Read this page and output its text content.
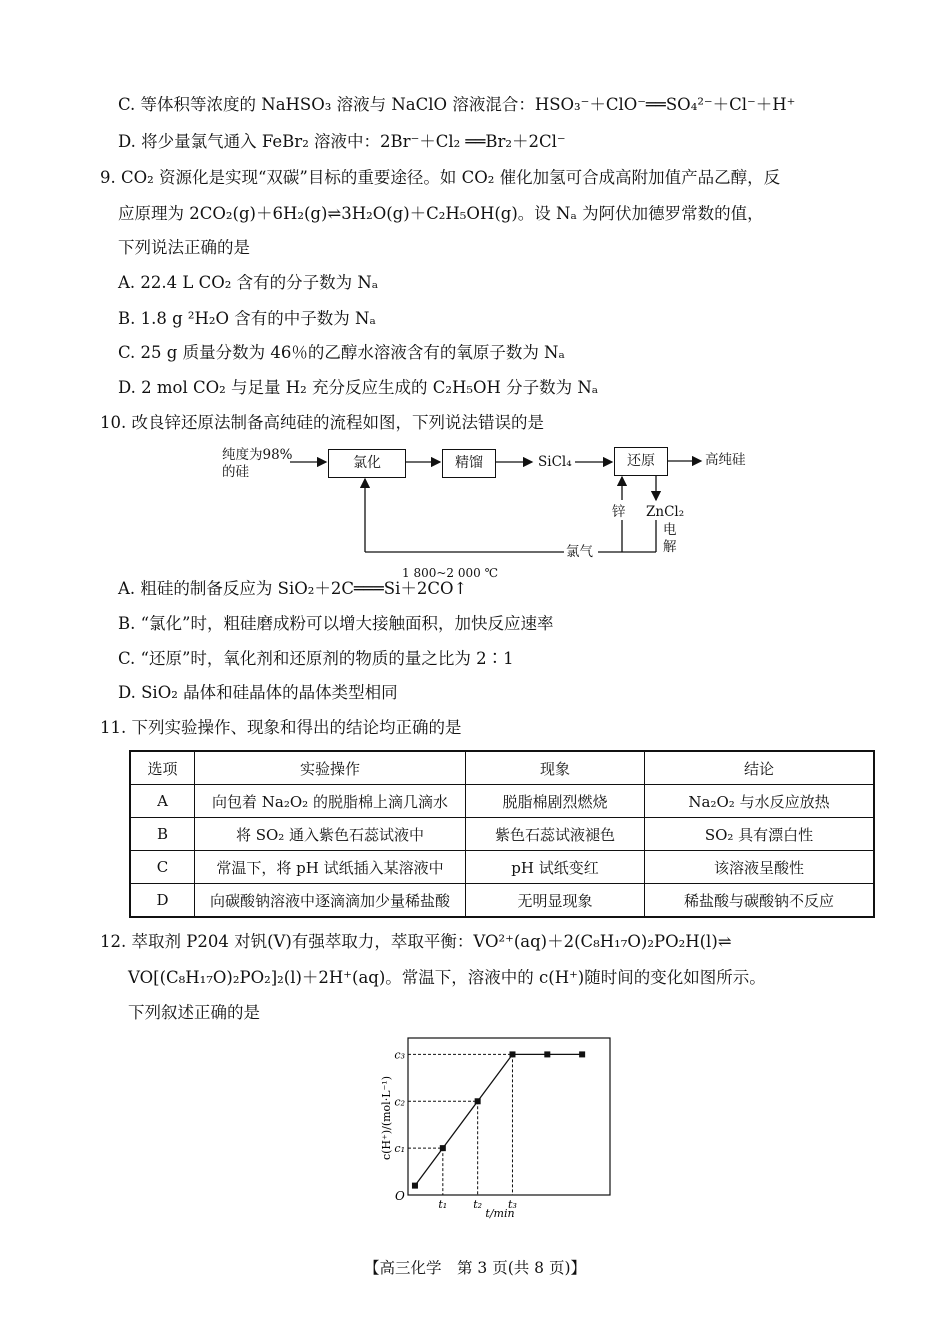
C. 等体积等浓度的 NaHSO₃ 溶液与 NaClO 溶液混合：HSO₃⁻＋ClO⁻══SO₄²⁻＋Cl⁻＋H⁺
D. 将少量氯气通入 FeBr₂ 溶液中：2Br⁻＋Cl₂ ══Br₂＋2Cl⁻
9. CO₂ 资源化是实现“双碳”目标的重要途径。如 CO₂ 催化加氢可合成高附加值产品乙醇，反
应原理为 2CO₂(g)＋6H₂(g)⇌3H₂O(g)＋C₂H₅OH(g)。设 Nₐ 为阿伏加德罗常数的值，
下列说法正确的是
A. 22.4 L CO₂ 含有的分子数为 Nₐ
B. 1.8 g ²H₂O 含有的中子数为 Nₐ
C. 25 g 质量分数为 46％的乙醇水溶液含有的氧原子数为 Nₐ
D. 2 mol CO₂ 与足量 H₂ 充分反应生成的 C₂H₅OH 分子数为 Nₐ
10. 改良锌还原法制备高纯硅的流程如图，下列说法错误的是
纯度为98%
的硅
氯化	精馏	SiCl₄	还原	高纯硅
锌 ZnCl₂
电
解
氯气
A. 粗硅的制备反应为 SiO₂＋2C═══Si＋2CO↑
1 800~2 000 ℃
B. “氯化”时，粗硅磨成粉可以增大接触面积，加快反应速率
C. “还原”时，氧化剂和还原剂的物质的量之比为 2∶1
D. SiO₂ 晶体和硅晶体的晶体类型相同
11. 下列实验操作、现象和得出的结论均正确的是
选项	实验操作	现象	结论
A	向包着 Na₂O₂ 的脱脂棉上滴几滴水	脱脂棉剧烈燃烧	Na₂O₂ 与水反应放热
B	将 SO₂ 通入紫色石蕊试液中	紫色石蕊试液褪色	SO₂ 具有漂白性
C	常温下，将 pH 试纸插入某溶液中	pH 试纸变红	该溶液呈酸性
D	向碳酸钠溶液中逐滴滴加少量稀盐酸	无明显现象	稀盐酸与碳酸钠不反应
12. 萃取剂 P204 对钒(V)有强萃取力，萃取平衡：VO²⁺(aq)＋2(C₈H₁₇O)₂PO₂H(l)⇌
VO[(C₈H₁₇O)₂PO₂]₂(l)＋2H⁺(aq)。常温下，溶液中的 c(H⁺)随时间的变化如图所示。
下列叙述正确的是
t₁ t₂ t₃
c₁
c₂
c₃
c(H⁺)/(mol·L⁻¹)
t/min
O
【高三化学　第 3 页(共 8 页)】
